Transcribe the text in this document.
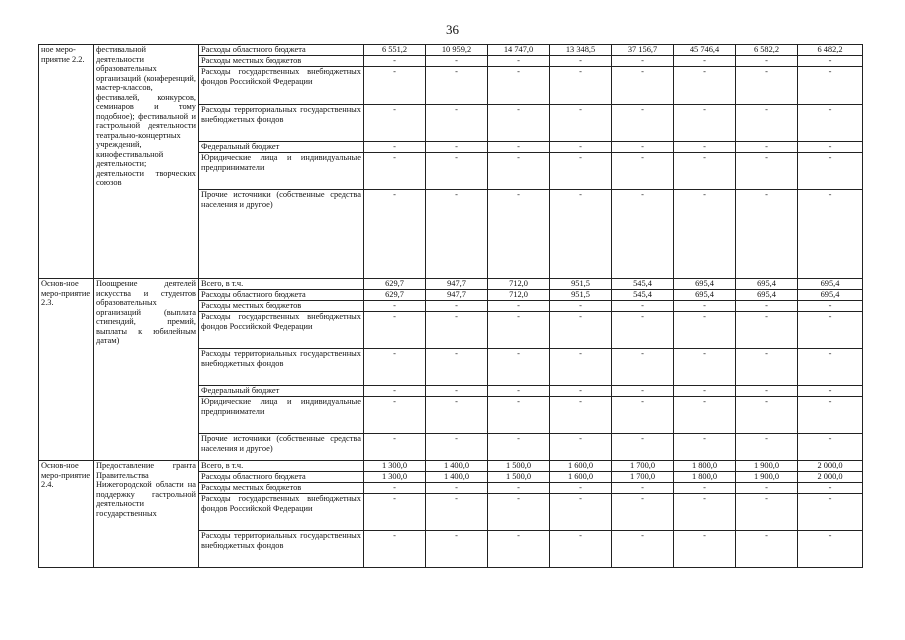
36
ное меро-приятие 2.2.	фестивальной деятельности образовательных организаций (конференций, мастер-классов, фестивалей, конкурсов, семинаров и тому подобное); фестивальной и гастрольной деятельности театрально-концертных учреждений, кинофестивальной деятельности; деятельности творческих союзов	Расходы областного бюджета	6 551,2	10 959,2	14 747,0	13 348,5	37 156,7	45 746,4	6 582,2	6 482,2
		Расходы местных бюджетов	-	-	-	-	-	-	-	-
		Расходы государственных внебюджетных фондов Российской Федерации	-	-	-	-	-	-	-	-
		Расходы территориальных государственных внебюджетных фондов	-	-	-	-	-	-	-	-
		Федеральный бюджет	-	-	-	-	-	-	-	-
		Юридические лица и индивидуальные предприниматели	-	-	-	-	-	-	-	-
		Прочие источники (собственные средства населения и другое)	-	-	-	-	-	-	-	-
Основ-ное меро-приятие 2.3.	Поощрение деятелей искусства и студентов образовательных организаций (выплата стипендий, премий, выплаты к юбилейным датам)	Всего, в т.ч.	629,7	947,7	712,0	951,5	545,4	695,4	695,4	695,4
		Расходы областного бюджета	629,7	947,7	712,0	951,5	545,4	695,4	695,4	695,4
		Расходы местных бюджетов	-	-	-	-	-	-	-	-
		Расходы государственных внебюджетных фондов Российской Федерации	-	-	-	-	-	-	-	-
		Расходы территориальных государственных внебюджетных фондов	-	-	-	-	-	-	-	-
		Федеральный бюджет	-	-	-	-	-	-	-	-
		Юридические лица и индивидуальные предприниматели	-	-	-	-	-	-	-	-
		Прочие источники (собственные средства населения и другое)	-	-	-	-	-	-	-	-
Основ-ное меро-приятие 2.4.	Предоставление гранта Правительства Нижегородской области на поддержку гастрольной деятельности государственных	Всего, в т.ч.	1 300,0	1 400,0	1 500,0	1 600,0	1 700,0	1 800,0	1 900,0	2 000,0
		Расходы областного бюджета	1 300,0	1 400,0	1 500,0	1 600,0	1 700,0	1 800,0	1 900,0	2 000,0
		Расходы местных бюджетов	-	-	-	-	-	-	-	-
		Расходы государственных внебюджетных фондов Российской Федерации	-	-	-	-	-	-	-	-
		Расходы территориальных государственных внебюджетных фондов	-	-	-	-	-	-	-	-
